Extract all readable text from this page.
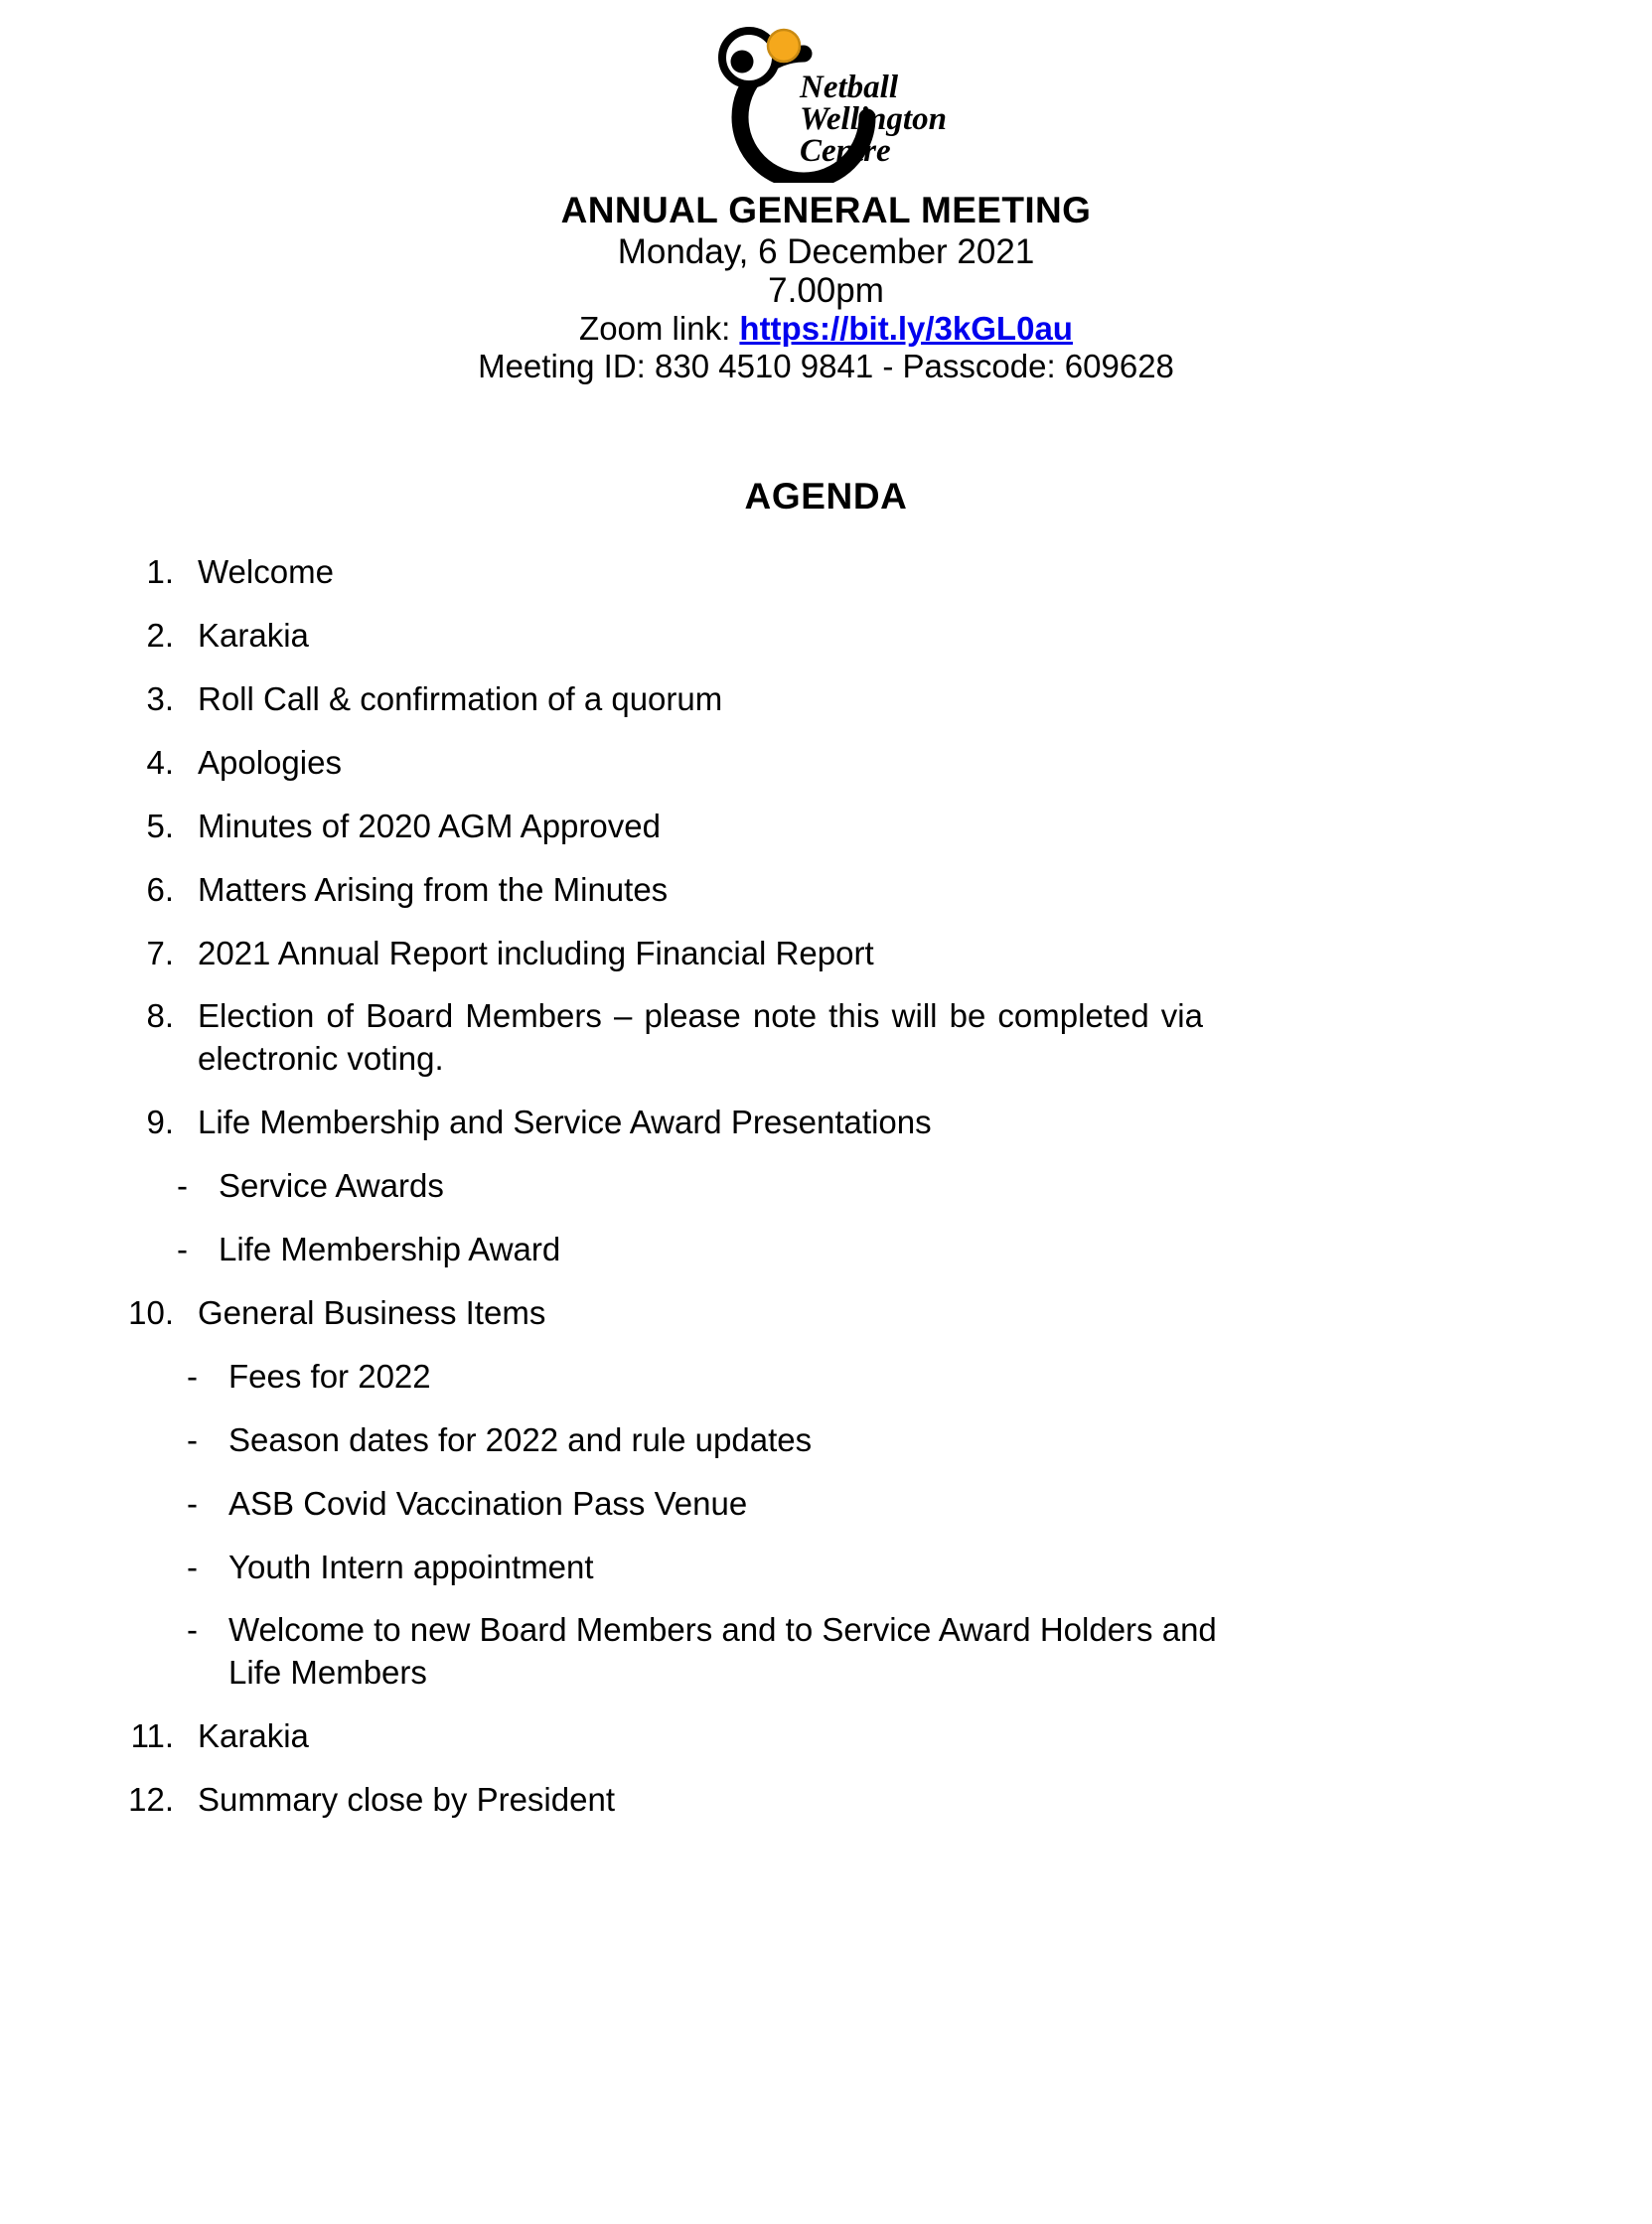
Netball
Wellington
Centre

ANNUAL GENERAL MEETING

Monday, 6 December 2021

7.00pm

Zoom link: https://bit.ly/3kGL0au

Meeting ID: 830 4510 9841 - Passcode: 609628

AGENDA
1. Welcome
2. Karakia
3. Roll Call & confirmation of a quorum
4. Apologies
5. Minutes of 2020 AGM Approved
6. Matters Arising from the Minutes
7. 2021 Annual Report including Financial Report
8. Election of Board Members – please note this will be completed via electronic voting.
9. Life Membership and Service Award Presentations
- Service Awards
- Life Membership Award
10. General Business Items
- Fees for 2022
- Season dates for 2022 and rule updates
- ASB Covid Vaccination Pass Venue
- Youth Intern appointment
- Welcome to new Board Members and to Service Award Holders and Life Members
11. Karakia
12. Summary close by President
